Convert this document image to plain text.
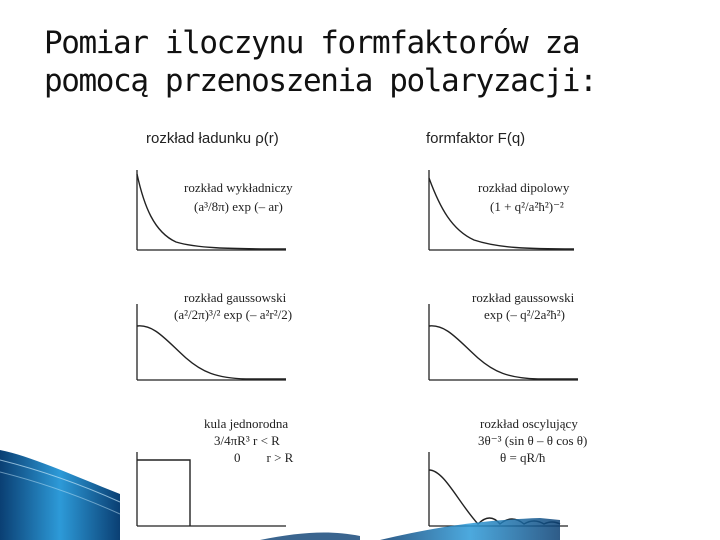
Pomiar iloczynu formfaktorów za
pomocą przenoszenia polaryzacji:
rozkład ładunku ρ(r)	formfaktor F(q)
rozkład wykładniczy
(a³/8π) exp (– ar)
rozkład dipolowy
(1 + q²/a²ħ²)⁻²
rozkład gaussowski
(a²/2π)³/² exp (– a²r²/2)
rozkład gaussowski
exp (– q²/2a²ħ²)
kula jednorodna
3/4πR³ r < R
0        r > R
rozkład oscylujący
3θ⁻³ (sin θ – θ cos θ)
θ = qR/ħ
